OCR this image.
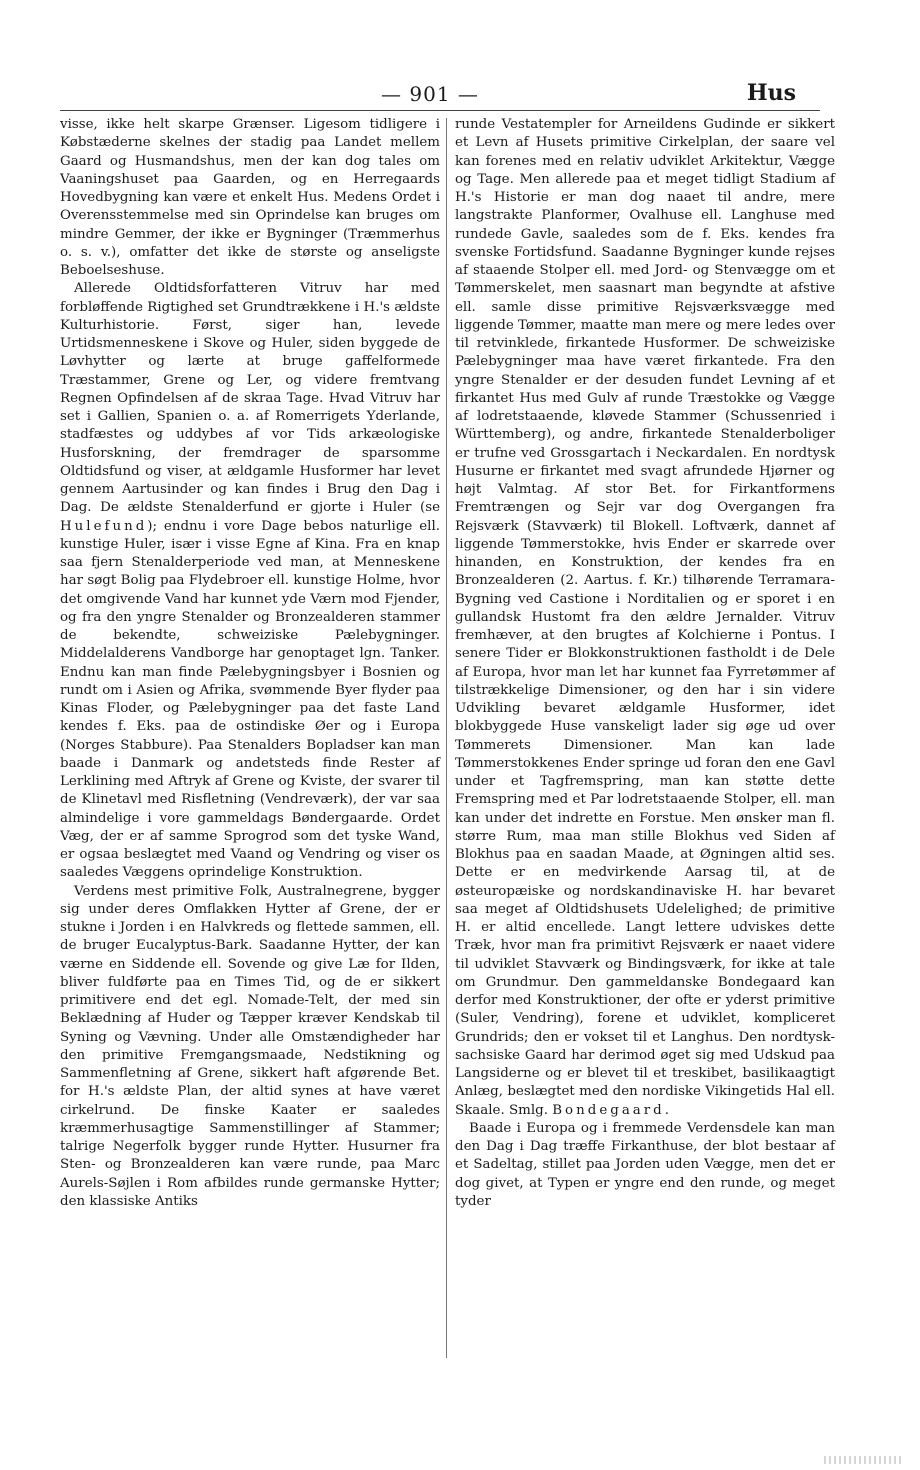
— 901 —	Hus

visse, ikke helt skarpe Grænser. Ligesom tidligere i Købstæderne skelnes der stadig paa Landet mellem Gaard og Husmandshus, men der kan dog tales om Vaaningshuset paa Gaarden, og en Herregaards Hovedbygning kan være et enkelt Hus. Medens Ordet i Overensstemmelse med sin Oprindelse kan bruges om mindre Gemmer, der ikke er Bygninger (Træmmerhus o. s. v.), omfatter det ikke de største og anseligste Beboelseshuse.

Allerede Oldtidsforfatteren Vitruv har med forbløffende Rigtighed set Grundtrækkene i H.'s ældste Kulturhistorie. Først, siger han, levede Urtidsmenneskene i Skove og Huler, siden byggede de Løvhytter og lærte at bruge gaffelformede Træstammer, Grene og Ler, og videre fremtvang Regnen Opfindelsen af de skraa Tage. Hvad Vitruv har set i Gallien, Spanien o. a. af Romerrigets Yderlande, stadfæstes og uddybes af vor Tids arkæologiske Husforskning, der fremdrager de sparsomme Oldtidsfund og viser, at ældgamle Husformer har levet gennem Aartusinder og kan findes i Brug den Dag i Dag. De ældste Stenalderfund er gjorte i Huler (se Hulefund); endnu i vore Dage bebos naturlige ell. kunstige Huler, især i visse Egne af Kina. Fra en knap saa fjern Stenalderperiode ved man, at Menneskene har søgt Bolig paa Flydebroer ell. kunstige Holme, hvor det omgivende Vand har kunnet yde Værn mod Fjender, og fra den yngre Stenalder og Bronzealderen stammer de bekendte, schweiziske Pælebygninger. Middelalderens Vandborge har genoptaget lgn. Tanker. Endnu kan man finde Pælebygningsbyer i Bosnien og rundt om i Asien og Afrika, svømmende Byer flyder paa Kinas Floder, og Pælebygninger paa det faste Land kendes f. Eks. paa de ostindiske Øer og i Europa (Norges Stabbure). Paa Stenalders Bopladser kan man baade i Danmark og andetsteds finde Rester af Lerklining med Aftryk af Grene og Kviste, der svarer til de Klinetavl med Risfletning (Vendreværk), der var saa almindelige i vore gammeldags Bøndergaarde. Ordet Væg, der er af samme Sprogrod som det tyske Wand, er ogsaa beslægtet med Vaand og Vendring og viser os saaledes Væggens oprindelige Konstruktion.

Verdens mest primitive Folk, Australnegrene, bygger sig under deres Omflakken Hytter af Grene, der er stukne i Jorden i en Halvkreds og flettede sammen, ell. de bruger Eucalyptus-Bark. Saadanne Hytter, der kan værne en Siddende ell. Sovende og give Læ for Ilden, bliver fuldførte paa en Times Tid, og de er sikkert primitivere end det egl. Nomade-Telt, der med sin Beklædning af Huder og Tæpper kræver Kendskab til Syning og Vævning. Under alle Omstændigheder har den primitive Fremgangsmaade, Nedstikning og Sammenfletning af Grene, sikkert haft afgørende Bet. for H.'s ældste Plan, der altid synes at have været cirkelrund. De finske Kaater er saaledes kræmmerhusagtige Sammenstillinger af Stammer; talrige Negerfolk bygger runde Hytter. Husurner fra Sten- og Bronzealderen kan være runde, paa Marc Aurels-Søjlen i Rom afbildes runde germanske Hytter; den klassiske Antiks

runde Vestatempler for Arneildens Gudinde er sikkert et Levn af Husets primitive Cirkelplan, der saare vel kan forenes med en relativ udviklet Arkitektur, Vægge og Tage. Men allerede paa et meget tidligt Stadium af H.'s Historie er man dog naaet til andre, mere langstrakte Planformer, Ovalhuse ell. Langhuse med rundede Gavle, saaledes som de f. Eks. kendes fra svenske Fortidsfund. Saadanne Bygninger kunde rejses af staaende Stolper ell. med Jord- og Stenvægge om et Tømmerskelet, men saasnart man begyndte at afstive ell. samle disse primitive Rejsværksvægge med liggende Tømmer, maatte man mere og mere ledes over til retvinklede, firkantede Husformer. De schweiziske Pælebygninger maa have været firkantede. Fra den yngre Stenalder er der desuden fundet Levning af et firkantet Hus med Gulv af runde Træstokke og Vægge af lodretstaaende, kløvede Stammer (Schussenried i Württemberg), og andre, firkantede Stenalderboliger er trufne ved Grossgartach i Neckardalen. En nordtysk Husurne er firkantet med svagt afrundede Hjørner og højt Valmtag. Af stor Bet. for Firkantformens Fremtrængen og Sejr var dog Overgangen fra Rejsværk (Stavværk) til Blokell. Loftværk, dannet af liggende Tømmerstokke, hvis Ender er skarrede over hinanden, en Konstruktion, der kendes fra en Bronzealderen (2. Aartus. f. Kr.) tilhørende Terramara-Bygning ved Castione i Norditalien og er sporet i en gullandsk Hustomt fra den ældre Jernalder. Vitruv fremhæver, at den brugtes af Kolchierne i Pontus. I senere Tider er Blokkonstruktionen fastholdt i de Dele af Europa, hvor man let har kunnet faa Fyrretømmer af tilstrækkelige Dimensioner, og den har i sin videre Udvikling bevaret ældgamle Husformer, idet blokbyggede Huse vanskeligt lader sig øge ud over Tømmerets Dimensioner. Man kan lade Tømmerstokkenes Ender springe ud foran den ene Gavl under et Tagfremspring, man kan støtte dette Fremspring med et Par lodretstaaende Stolper, ell. man kan under det indrette en Forstue. Men ønsker man fl. større Rum, maa man stille Blokhus ved Siden af Blokhus paa en saadan Maade, at Øgningen altid ses. Dette er en medvirkende Aarsag til, at de østeuropæiske og nordskandinaviske H. har bevaret saa meget af Oldtidshusets Udelelighed; de primitive H. er altid encellede. Langt lettere udviskes dette Træk, hvor man fra primitivt Rejsværk er naaet videre til udviklet Stavværk og Bindingsværk, for ikke at tale om Grundmur. Den gammeldanske Bondegaard kan derfor med Konstruktioner, der ofte er yderst primitive (Suler, Vendring), forene et udviklet, kompliceret Grundrids; den er vokset til et Langhus. Den nordtysk-sachsiske Gaard har derimod øget sig med Udskud paa Langsiderne og er blevet til et treskibet, basilikaagtigt Anlæg, beslægtet med den nordiske Vikingetids Hal ell. Skaale. Smlg. Bondegaard.

Baade i Europa og i fremmede Verdensdele kan man den Dag i Dag træffe Firkanthuse, der blot bestaar af et Sadeltag, stillet paa Jorden uden Vægge, men det er dog givet, at Typen er yngre end den runde, og meget tyder
